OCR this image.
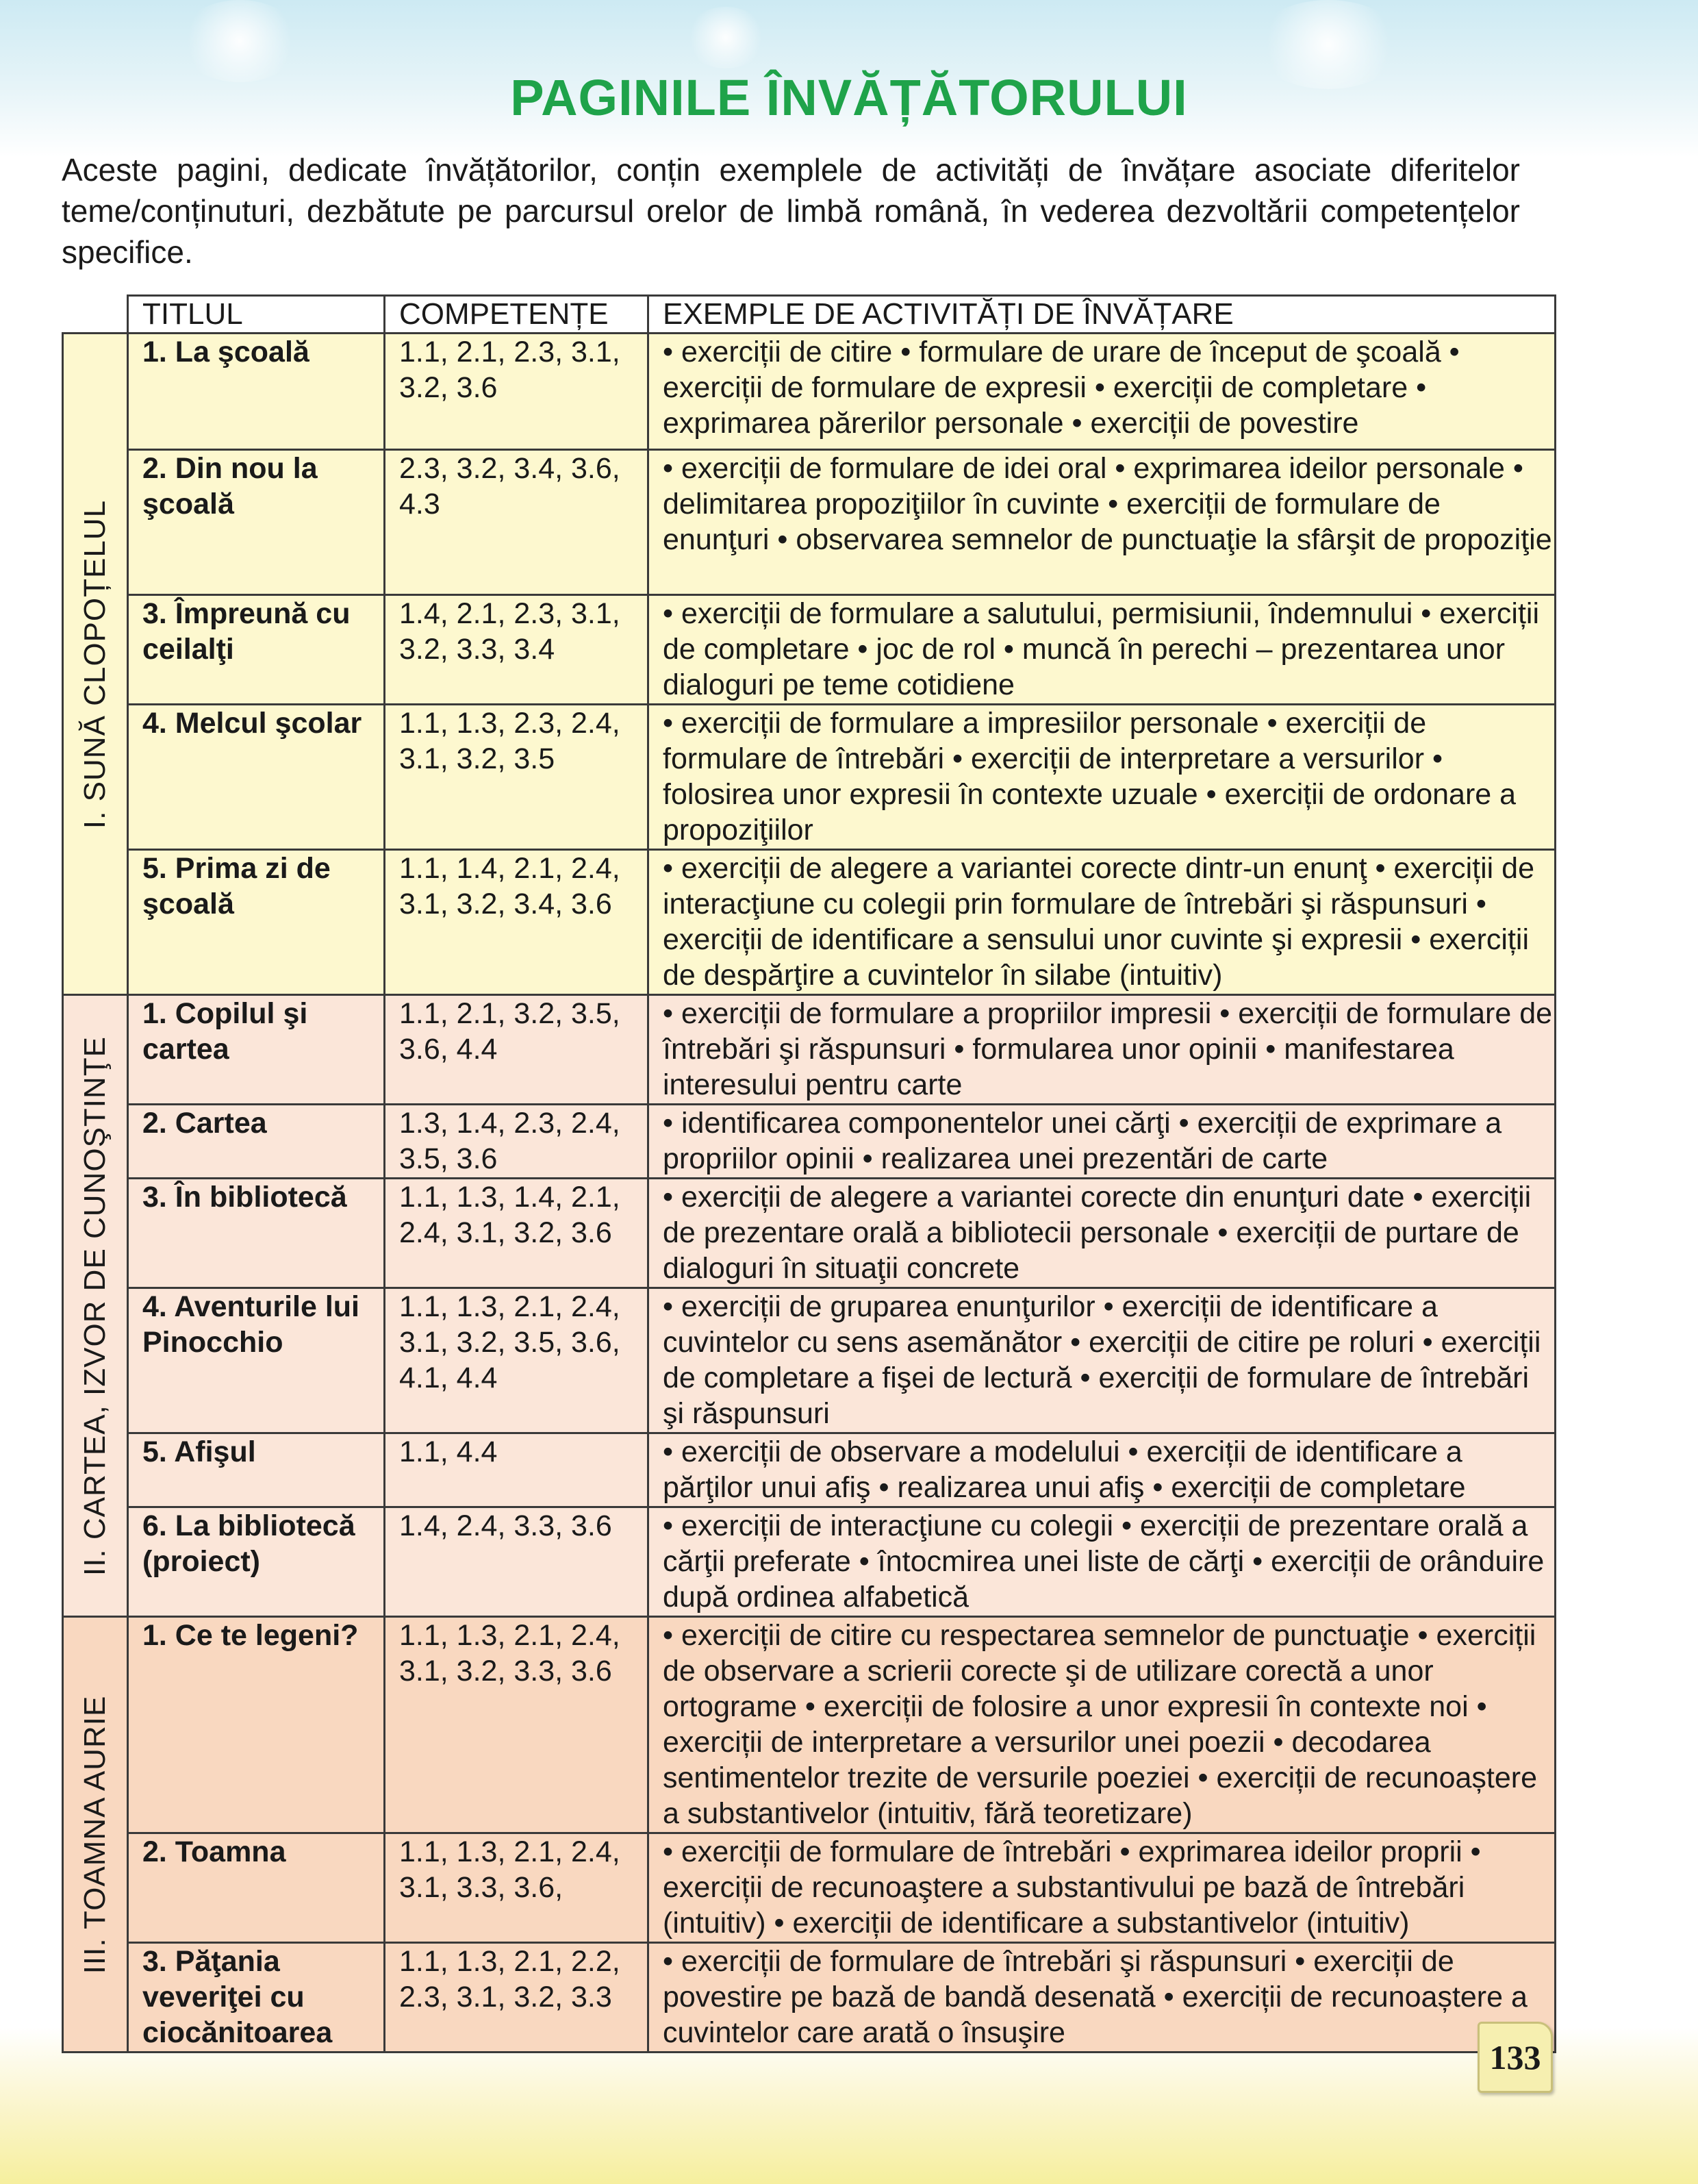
PAGINILE ÎNVĂȚĂTORULUI
Aceste pagini, dedicate învățătorilor, conțin exemplele de activități de învățare asociate diferitelor teme/conținuturi, dezbătute pe parcursul orelor de limbă română, în vederea dezvoltării competențelor specifice.
	TITLUL	COMPETENȚE	EXEMPLE DE ACTIVITĂȚI DE ÎNVĂȚARE

I. SUNĂ CLOPOȚELUL	1. La şcoală	1.1, 2.1, 2.3, 3.1, 3.2, 3.6	• exerciții de citire • formulare de urare de început de şcoală • exerciții de formulare de expresii • exerciții de completare • exprimarea părerilor personale • exerciții de povestire
	2. Din nou la şcoală	2.3, 3.2, 3.4, 3.6, 4.3	• exerciții de formulare de idei oral • exprimarea ideilor personale • delimitarea propoziţiilor în cuvinte • exerciții de formulare de enunţuri • observarea semnelor de punctuaţie la sfârşit de propoziţie
	3. Împreună cu ceilalţi	1.4, 2.1, 2.3, 3.1, 3.2, 3.3, 3.4	• exerciții de formulare a salutului, permisiunii, îndemnului • exerciții de completare • joc de rol • muncă în perechi – prezentarea unor dialoguri pe teme cotidiene
	4. Melcul şcolar	1.1, 1.3, 2.3, 2.4, 3.1, 3.2, 3.5	• exerciții de formulare a impresiilor personale • exerciții de formulare de întrebări • exerciții de interpretare a versurilor • folosirea unor expresii în contexte uzuale • exerciții de ordonare a propoziţiilor
	5. Prima zi de şcoală	1.1, 1.4, 2.1, 2.4, 3.1, 3.2, 3.4, 3.6	• exerciții de alegere a variantei corecte dintr-un enunţ • exerciții de interacţiune cu colegii prin formulare de întrebări şi răspunsuri • exerciții de identificare a sensului unor cuvinte şi expresii • exerciții de despărţire a cuvintelor în silabe (intuitiv)

II. CARTEA, IZVOR DE CUNOŞTINŢE	1. Copilul şi cartea	1.1, 2.1, 3.2, 3.5, 3.6, 4.4	• exerciții de formulare a propriilor impresii • exerciții de formulare de întrebări şi răspunsuri • formularea unor opinii • manifestarea interesului pentru carte
	2. Cartea	1.3, 1.4, 2.3, 2.4, 3.5, 3.6	• identificarea componentelor unei cărţi • exerciții de exprimare a propriilor opinii • realizarea unei prezentări de carte
	3. În bibliotecă	1.1, 1.3, 1.4, 2.1, 2.4, 3.1, 3.2, 3.6	• exerciții de alegere a variantei corecte din enunţuri date • exerciții de prezentare orală a bibliotecii personale • exerciții de purtare de dialoguri în situaţii concrete
	4. Aventurile lui Pinocchio	1.1, 1.3, 2.1, 2.4, 3.1, 3.2, 3.5, 3.6, 4.1, 4.4	• exerciții de gruparea enunţurilor • exerciții de identificare a cuvintelor cu sens asemănător • exerciții de citire pe roluri • exerciții de completare a fişei de lectură • exerciții de formulare de întrebări şi răspunsuri
	5. Afişul	1.1, 4.4	• exerciții de observare a modelului • exerciții de identificare a părţilor unui afiş • realizarea unui afiş • exerciții de completare
	6. La bibliotecă (proiect)	1.4, 2.4, 3.3, 3.6	• exerciții de interacţiune cu colegii • exerciții de prezentare orală a cărţii preferate • întocmirea unei liste de cărţi • exerciții de orânduire după ordinea alfabetică

III. TOAMNA AURIE	1. Ce te legeni?	1.1, 1.3, 2.1, 2.4, 3.1, 3.2, 3.3, 3.6	• exerciții de citire cu respectarea semnelor de punctuaţie • exerciții de observare a scrierii corecte şi de utilizare corectă a unor ortograme • exerciții de folosire a unor expresii în contexte noi • exerciții de interpretare a versurilor unei poezii • decodarea sentimentelor trezite de versurile poeziei • exerciții de recunoaștere a substantivelor (intuitiv, fără teoretizare)
	2. Toamna	1.1, 1.3, 2.1, 2.4, 3.1, 3.3, 3.6,	• exerciții de formulare de întrebări • exprimarea ideilor proprii • exerciții de recunoaştere a substantivului pe bază de întrebări (intuitiv) • exerciții de identificare a substantivelor (intuitiv)
	3. Păţania veveriţei cu ciocănitoarea	1.1, 1.3, 2.1, 2.2, 2.3, 3.1, 3.2, 3.3	• exerciții de formulare de întrebări şi răspunsuri • exerciții de povestire pe bază de bandă desenată • exerciții de recunoaștere a cuvintelor care arată o însuşire
133
